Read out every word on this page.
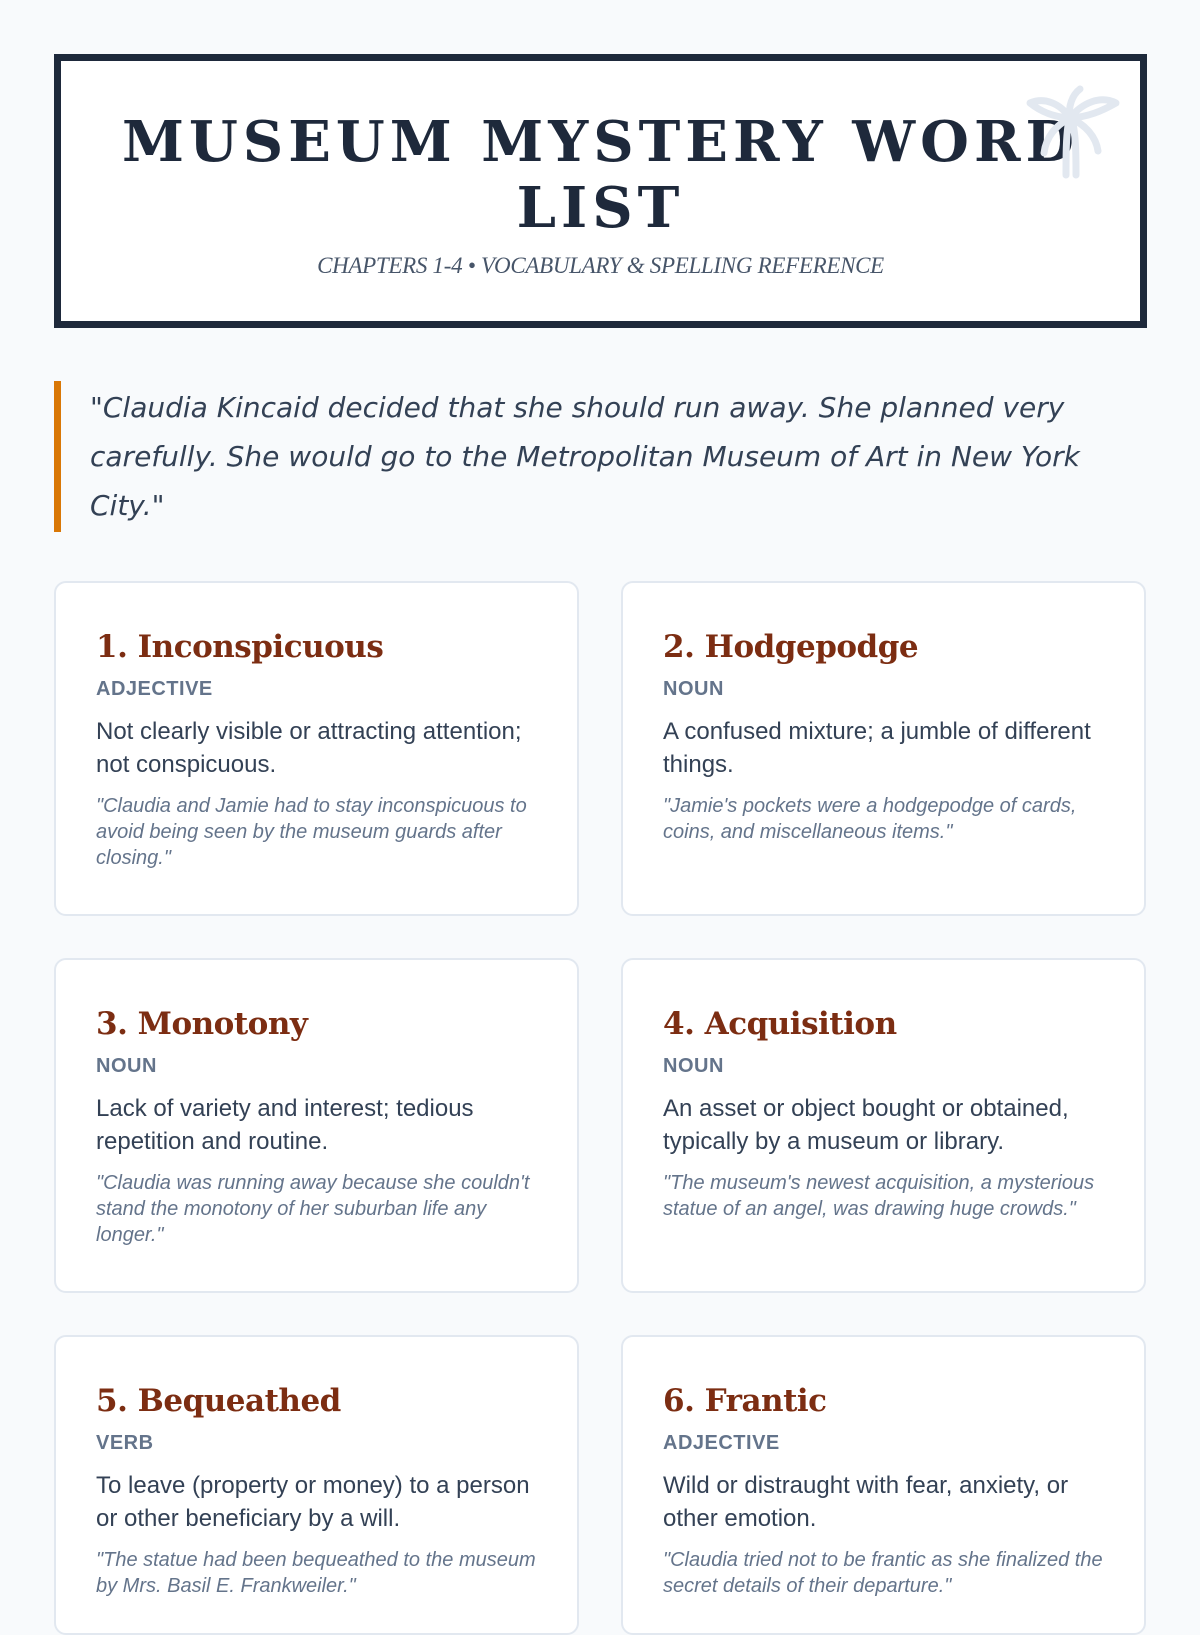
MUSEUM MYSTERY WORD LIST
CHAPTERS 1-4 • VOCABULARY & SPELLING REFERENCE
"Claudia Kincaid decided that she should run away. She planned very carefully. She would go to the Metropolitan Museum of Art in New York City."
1. Inconspicuous
ADJECTIVE
Not clearly visible or attracting attention; not conspicuous.
"Claudia and Jamie had to stay inconspicuous to avoid being seen by the museum guards after closing."
2. Hodgepodge
NOUN
A confused mixture; a jumble of different things.
"Jamie's pockets were a hodgepodge of cards, coins, and miscellaneous items."
3. Monotony
NOUN
Lack of variety and interest; tedious repetition and routine.
"Claudia was running away because she couldn't stand the monotony of her suburban life any longer."
4. Acquisition
NOUN
An asset or object bought or obtained, typically by a museum or library.
"The museum's newest acquisition, a mysterious statue of an angel, was drawing huge crowds."
5. Bequeathed
VERB
To leave (property or money) to a person or other beneficiary by a will.
"The statue had been bequeathed to the museum by Mrs. Basil E. Frankweiler."
6. Frantic
ADJECTIVE
Wild or distraught with fear, anxiety, or other emotion.
"Claudia tried not to be frantic as she finalized the secret details of their departure."
